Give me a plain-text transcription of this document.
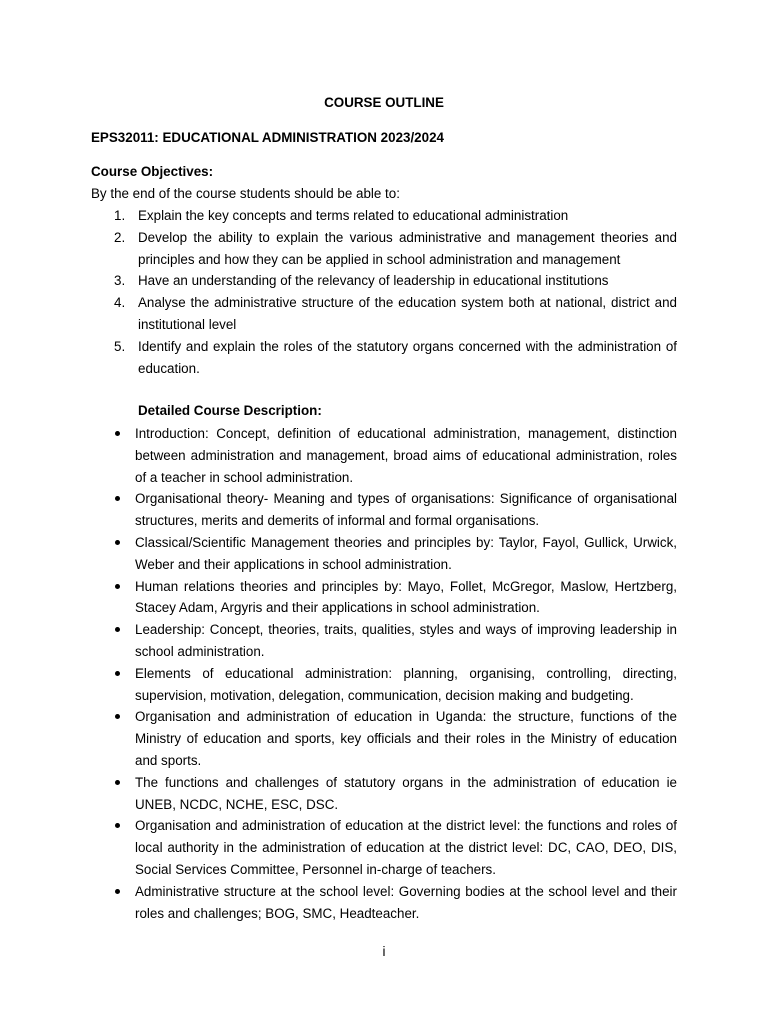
COURSE OUTLINE
EPS32011: EDUCATIONAL ADMINISTRATION 2023/2024
Course Objectives:
By the end of the course students should be able to:
1. Explain the key concepts and terms related to educational administration
2. Develop the ability to explain the various administrative and management theories and principles and how they can be applied in school administration and management
3. Have an understanding of the relevancy of leadership in educational institutions
4. Analyse the administrative structure of the education system both at national, district and institutional level
5. Identify and explain the roles of the statutory organs concerned with the administration of education.
Detailed Course Description:
Introduction: Concept, definition of educational administration, management, distinction between administration and management, broad aims of educational administration, roles of a teacher in school administration.
Organisational theory- Meaning and types of organisations: Significance of organisational structures, merits and demerits of informal and formal organisations.
Classical/Scientific Management theories and principles by: Taylor, Fayol, Gullick, Urwick, Weber and their applications in school administration.
Human relations theories and principles by: Mayo, Follet, McGregor, Maslow, Hertzberg, Stacey Adam, Argyris and their applications in school administration.
Leadership: Concept, theories, traits, qualities, styles and ways of improving leadership in school administration.
Elements of educational administration: planning, organising, controlling, directing, supervision, motivation, delegation, communication, decision making and budgeting.
Organisation and administration of education in Uganda: the structure, functions of the Ministry of education and sports, key officials and their roles in the Ministry of education and sports.
The functions and challenges of statutory organs in the administration of education ie UNEB, NCDC, NCHE, ESC, DSC.
Organisation and administration of education at the district level: the functions and roles of local authority in the administration of education at the district level: DC, CAO, DEO, DIS, Social Services Committee, Personnel in-charge of teachers.
Administrative structure at the school level: Governing bodies at the school level and their roles and challenges; BOG, SMC, Headteacher.
i
